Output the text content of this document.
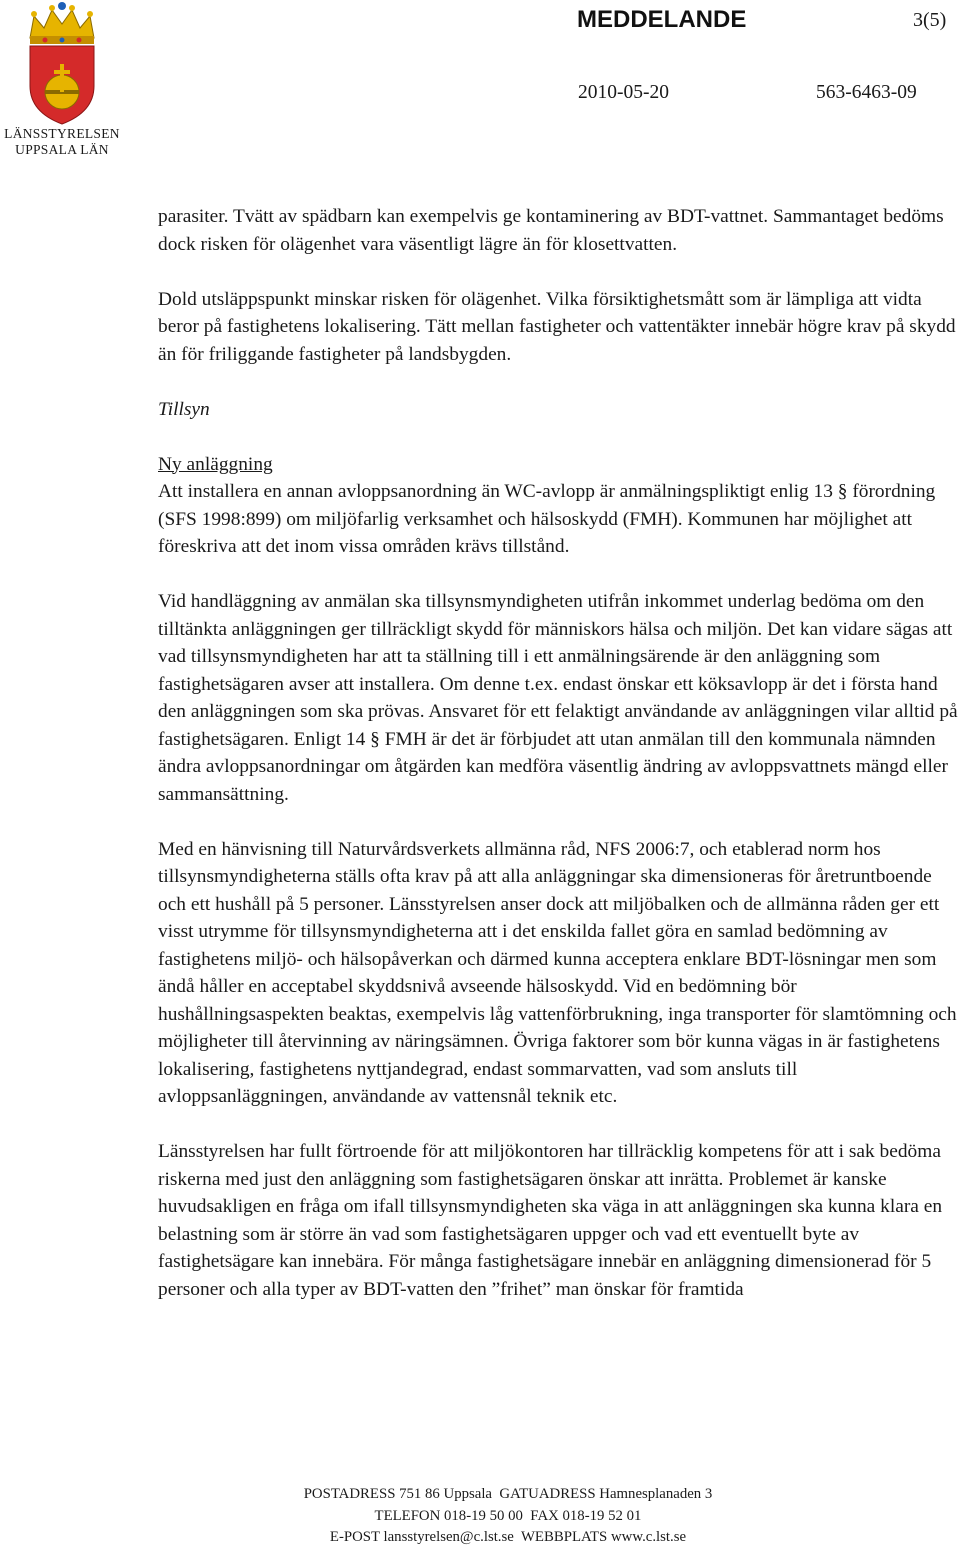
LÄNSSTYRELSEN
UPPSALA LÄN
MEDDELANDE	3(5)
2010-05-20	563-6463-09

parasiter. Tvätt av spädbarn kan exempelvis ge kontaminering av BDT-vattnet. Sammantaget bedöms dock risken för olägenhet vara väsentligt lägre än för klosettvatten.

Dold utsläppspunkt minskar risken för olägenhet. Vilka försiktighetsmått som är lämpliga att vidta beror på fastighetens lokalisering. Tätt mellan fastigheter och vattentäkter innebär högre krav på skydd än för friliggande fastigheter på landsbygden.

Tillsyn

Ny anläggning

Att installera en annan avloppsanordning än WC-avlopp är anmälningspliktigt enlig 13 § förordning (SFS 1998:899) om miljöfarlig verksamhet och hälsoskydd (FMH). Kommunen har möjlighet att föreskriva att det inom vissa områden krävs tillstånd.

Vid handläggning av anmälan ska tillsynsmyndigheten utifrån inkommet underlag bedöma om den tilltänkta anläggningen ger tillräckligt skydd för människors hälsa och miljön. Det kan vidare sägas att vad tillsynsmyndigheten har att ta ställning till i ett anmälningsärende är den anläggning som fastighetsägaren avser att installera. Om denne t.ex. endast önskar ett köksavlopp är det i första hand den anläggningen som ska prövas. Ansvaret för ett felaktigt användande av anläggningen vilar alltid på fastighetsägaren. Enligt 14 § FMH är det är förbjudet att utan anmälan till den kommunala nämnden ändra avloppsanordningar om åtgärden kan medföra väsentlig ändring av avloppsvattnets mängd eller sammansättning.

Med en hänvisning till Naturvårdsverkets allmänna råd, NFS 2006:7, och etablerad norm hos tillsynsmyndigheterna ställs ofta krav på att alla anläggningar ska dimensioneras för åretruntboende och ett hushåll på 5 personer. Länsstyrelsen anser dock att miljöbalken och de allmänna råden ger ett visst utrymme för tillsynsmyndigheterna att i det enskilda fallet göra en samlad bedömning av fastighetens miljö- och hälsopåverkan och därmed kunna acceptera enklare BDT-lösningar men som ändå håller en acceptabel skyddsnivå avseende hälsoskydd. Vid en bedömning bör hushållningsaspekten beaktas, exempelvis låg vattenförbrukning, inga transporter för slamtömning och möjligheter till återvinning av näringsämnen. Övriga faktorer som bör kunna vägas in är fastighetens lokalisering, fastighetens nyttjandegrad, endast sommarvatten, vad som ansluts till avloppsanläggningen, användande av vattensnål teknik etc.

Länsstyrelsen har fullt förtroende för att miljökontoren har tillräcklig kompetens för att i sak bedöma riskerna med just den anläggning som fastighetsägaren önskar att inrätta. Problemet är kanske huvudsakligen en fråga om ifall tillsynsmyndigheten ska väga in att anläggningen ska kunna klara en belastning som är större än vad som fastighetsägaren uppger och vad ett eventuellt byte av fastighetsägare kan innebära. För många fastighetsägare innebär en anläggning dimensionerad för 5 personer och alla typer av BDT-vatten den ”frihet” man önskar för framtida

POSTADRESS 751 86 Uppsala  GATUADRESS Hamnesplanaden 3
TELEFON 018-19 50 00  FAX 018-19 52 01
E-POST lansstyrelsen@c.lst.se  WEBBPLATS www.c.lst.se
